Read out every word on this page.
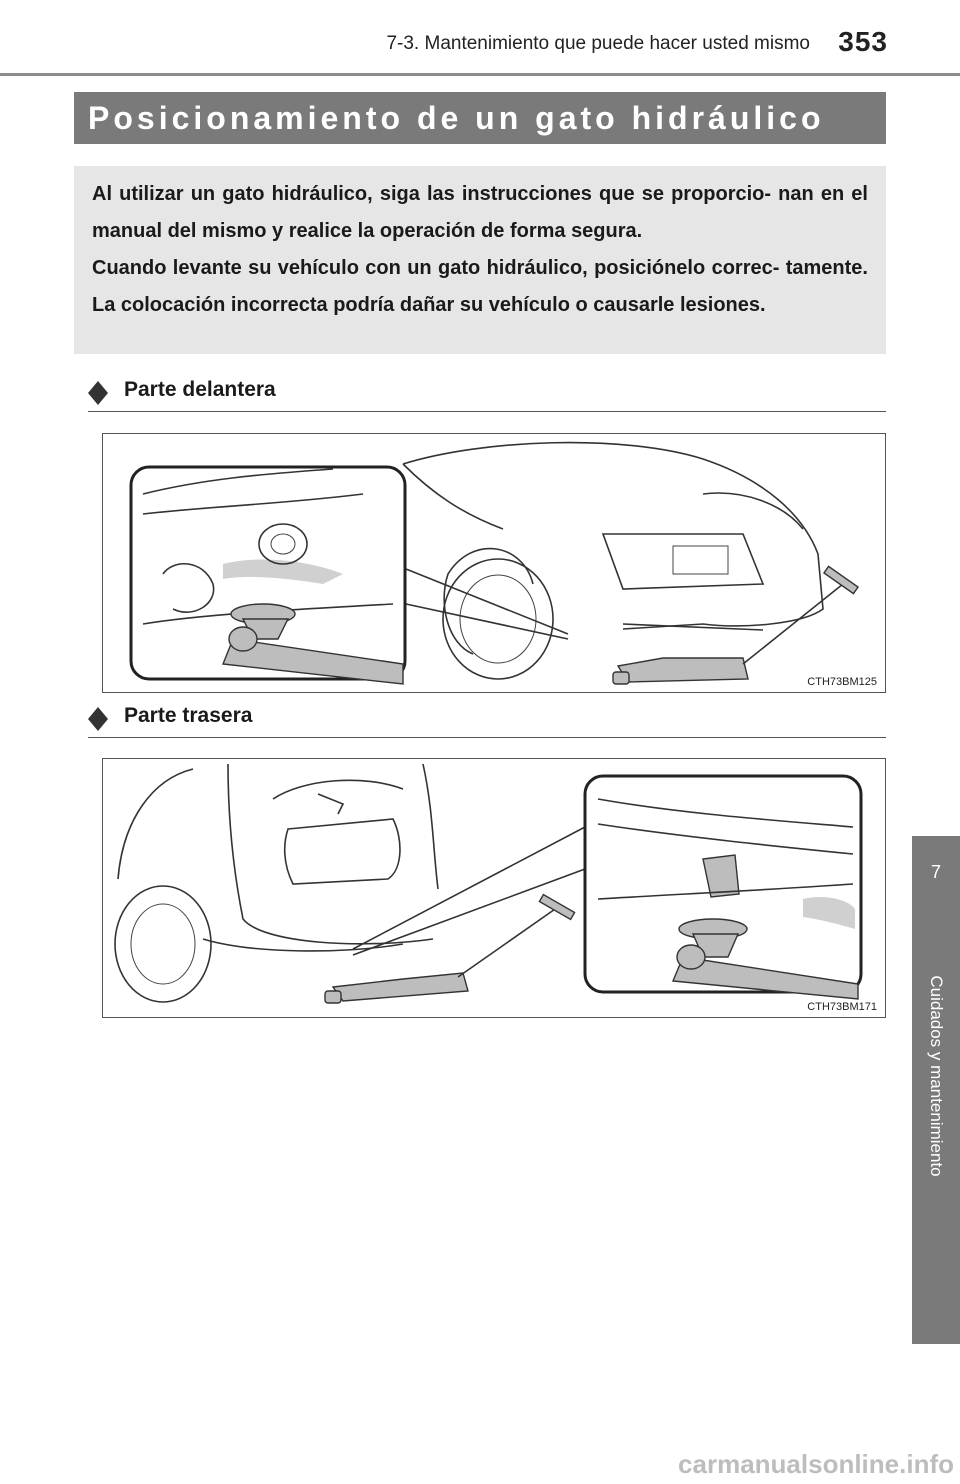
7-3. Mantenimiento que puede hacer usted mismo	353
Posicionamiento de un gato hidráulico

Al utilizar un gato hidráulico, siga las instrucciones que se proporcio- nan en el manual del mismo y realice la operación de forma segura.

Cuando levante su vehículo con un gato hidráulico, posiciónelo correc- tamente. La colocación incorrecta podría dañar su vehículo o causarle lesiones.

Parte delantera
CTH73BM125
Parte trasera
CTH73BM171
7
Cuidados y mantenimiento
carmanualsonline.info
